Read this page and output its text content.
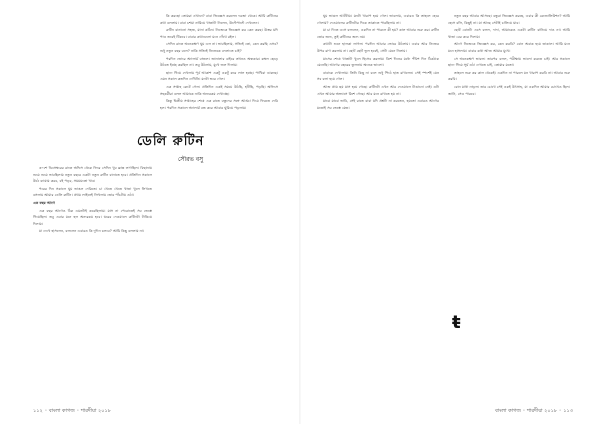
ডেলি রুটিন
সৌরভ বসু

৩০শে ডিসেম্বরের রাতে অফিস থেকে ফিরে সেদিন খুব ক্লান্ত লাগছিল। বিছানায় শুয়ে শুয়ে ভাবছিলাম নতুন বছরে একটা নতুন রুটিন বানাতে হবে। প্রতিদিন সকালে উঠে ব্যায়াম করব, বই পড়ব, সময়মতো খাব।

পরের দিন সকালে ঘুম ভাঙল দেরিতে। চা খেতে খেতে খাতা খুলে লিখতে বসলাম আমার ডেলি রুটিন। প্রথম লাইনেই লিখলাম ভোর পাঁচটায় ওঠা।

এক বছর আগে

এক বছর আগেও ঠিক এমনটাই করেছিলাম। মাস না পেরোতেই সব ভেস্তে গিয়েছিল। তবু এবার মনে হল অন্যরকম হবে। ঘরের দেওয়ালে রুটিনটা টাঙিয়ে দিলাম।

মা দেখে হাসলেন, বললেন এবারও কি দুদিন চলবে? আমি কিছু বললাম না।

কি করছো তোমরা এখানে? বাবা জিজ্ঞেস করলেন দরজা থেকে। আমি রুটিনের কথা বললাম। বাবা চশমা নামিয়ে খাতাটা নিলেন, উল্টেপাল্টে দেখলেন।

রুটিন বানানো সহজ, মানা কঠিন। নিজেকে জিজ্ঞেস কর কেন করছ। উত্তর যদি পাও তবেই টিকবে। বাবার কথাগুলো মনে গেঁথে রইল।

সেদিন রাতে অনেকক্ষণ ঘুম এল না। ভাবছিলাম, সত্যিই তো, কেন করছি এসব? শুধু নতুন বছর বলে? নাকি সত্যিই নিজেকে বদলাতে চাই?

পরদিন ভোরে অ্যালার্ম বাজল। জানালার বাইরে তখনও অন্ধকার। কম্বল ছেড়ে উঠতে ইচ্ছে করছিল না। তবু উঠলাম, মুখে জল দিলাম।

ছাদে গিয়ে দেখলাম পূর্ব আকাশ একটু একটু করে লাল হচ্ছে। পাখিরা ডাকছে। এমন সকাল কতদিন দেখিনি। মনটা ভরে গেল।

এক সপ্তাহ কেটে গেল। প্রতিদিন একই সময়ে উঠছি, হাঁটছি, পড়ছি। অফিসে সহকর্মীরা বলল আমাকে নাকি অন্যরকম দেখাচ্ছে।

কিন্তু দ্বিতীয় সপ্তাহের শেষে এক রাতে বন্ধুদের সঙ্গে আড্ডা দিয়ে ফিরতে দেরি হল। পরদিন সকালে অ্যালার্ম বন্ধ করে আবার ঘুমিয়ে পড়লাম।

১১২ ◦ বাংলা কাগজ ◦ শারদীয়া ২০১৮

ঘুম ভাঙল আটটায়। মনটা খারাপ হয়ে গেল। ভাবলাম, এবারও কি তাহলে হেরে গেলাম? দেওয়ালের রুটিনটার দিকে তাকাতে পারছিলাম না।

মা চা দিতে এসে বললেন, একদিন না পারলে কী হয়? কাল আবার শুরু কর। রুটিন তোর জন্য, তুই রুটিনের জন্য নয়।

কথাটা শুনে হালকা লাগল। পরদিন আবার ভোরে উঠলাম। এবার আর নিজের উপর রাগ করলাম না। ছোট ছোট ভুল হবেই, সেটা মেনে নিলাম।

মাসের শেষে খাতাটা খুলে হিসেব করলাম। ত্রিশ দিনের মধ্যে পঁচিশ দিন ঠিকঠাক মেনেছি। আগের বছরের তুলনায় অনেক ভালো।

বাবাকে দেখালাম। তিনি কিছু না বলে শুধু পিঠে হাত রাখলেন। সেই স্পর্শেই যেন সব বলা হয়ে গেল।

আজ প্রায় ছয় মাস হয়ে গেছে। রুটিনটা এখন আর দেওয়ালে টাঙানো নেই। ওটা এখন আমার অভ্যাসে মিশে গেছে। আর মনে রাখতে হয় না।

মাঝে মাঝে ভাবি, সেই রাতে বাবা যদি প্রশ্নটা না করতেন, হয়তো এবারও আগের মতোই সব ভেস্তে যেত।

নতুন বছর আবার আসছে। বন্ধুরা জিজ্ঞেস করছে, এবার কী রেজোলিউশন? আমি হেসে বলি, কিছুই না। যা আছে সেটাই চালিয়ে যাব।

ছোট বোনটা এসে বলল, দাদা, আমাকেও একটা রুটিন বানিয়ে দাও না। আমি খাতা বের করে দিলাম।

আগে নিজেকে জিজ্ঞেস কর, কেন করবি? বোন অবাক হয়ে তাকাল। আমি মনে মনে হাসলাম। বাবার কথা আজ আমার মুখে।

সে অনেকক্ষণ ভাবল। তারপর বলল, পরীক্ষায় ভালো করতে চাই। আর সকালে ছাদে গিয়ে সূর্য ওঠা দেখতে চাই, তোমার মতো।

তাহলে শুরু কর কাল থেকেই। একদিন না পারলে মন খারাপ করবি না। আবার শুরু করবি।

বোন মাথা নাড়ল। তার চোখে সেই একই উৎসাহ, যা একদিন আমার চোখেও ছিল। জানি, সেও পারবে।

ŧ
বাংলা কাগজ ◦ শারদীয়া ২০১৮ ◦ ১১৩
